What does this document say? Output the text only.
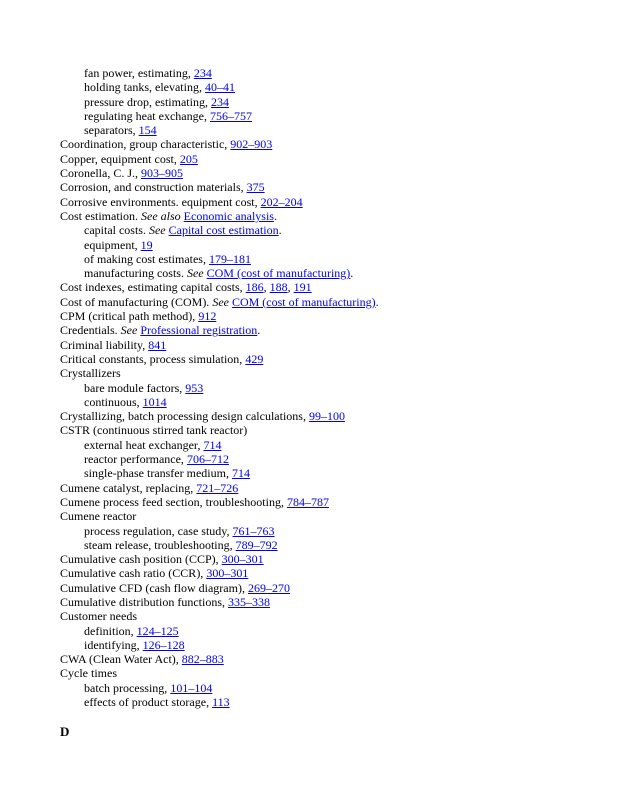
fan power, estimating, 234
holding tanks, elevating, 40–41
pressure drop, estimating, 234
regulating heat exchange, 756–757
separators, 154
Coordination, group characteristic, 902–903
Copper, equipment cost, 205
Coronella, C. J., 903–905
Corrosion, and construction materials, 375
Corrosive environments. equipment cost, 202–204
Cost estimation. See also Economic analysis.
capital costs. See Capital cost estimation.
equipment, 19
of making cost estimates, 179–181
manufacturing costs. See COM (cost of manufacturing).
Cost indexes, estimating capital costs, 186, 188, 191
Cost of manufacturing (COM). See COM (cost of manufacturing).
CPM (critical path method), 912
Credentials. See Professional registration.
Criminal liability, 841
Critical constants, process simulation, 429
Crystallizers
bare module factors, 953
continuous, 1014
Crystallizing, batch processing design calculations, 99–100
CSTR (continuous stirred tank reactor)
external heat exchanger, 714
reactor performance, 706–712
single-phase transfer medium, 714
Cumene catalyst, replacing, 721–726
Cumene process feed section, troubleshooting, 784–787
Cumene reactor
process regulation, case study, 761–763
steam release, troubleshooting, 789–792
Cumulative cash position (CCP), 300–301
Cumulative cash ratio (CCR), 300–301
Cumulative CFD (cash flow diagram), 269–270
Cumulative distribution functions, 335–338
Customer needs
definition, 124–125
identifying, 126–128
CWA (Clean Water Act), 882–883
Cycle times
batch processing, 101–104
effects of product storage, 113
D
